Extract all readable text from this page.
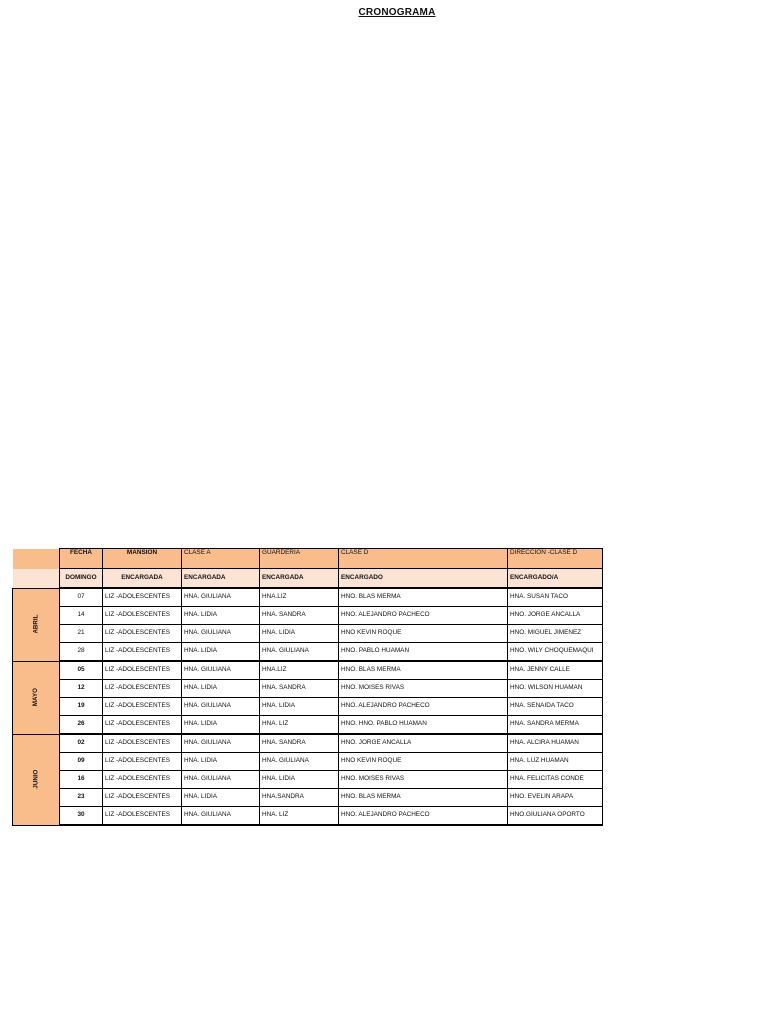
CRONOGRAMA
	FECHA	MANSION	CLASE A	GUARDERIA	CLASE D	DIRECCION -CLASE D
	DOMINGO	ENCARGADA	ENCARGADA	ENCARGADA	ENCARGADO	ENCARGADO/A
ABRIL	07	LIZ -ADOLESCENTES	HNA. GIULIANA	HNA.LIZ	HNO. BLAS MERMA	HNA. SUSAN TACO
	14	LIZ -ADOLESCENTES	HNA. LIDIA	HNA. SANDRA	HNO. ALEJANDRO PACHECO	HNO. JORGE ANCALLA
	21	LIZ -ADOLESCENTES	HNA. GIULIANA	HNA. LIDIA	HNO KEVIN ROQUE	HNO. MIGUEL JIMENEZ
	28	LIZ -ADOLESCENTES	HNA. LIDIA	HNA. GIULIANA	HNO. PABLO HUAMAN	HNO. WILY CHOQUEMAQUI
MAYO	05	LIZ -ADOLESCENTES	HNA. GIULIANA	HNA.LIZ	HNO. BLAS MERMA	HNA. JENNY CALLE
	12	LIZ -ADOLESCENTES	HNA. LIDIA	HNA. SANDRA	HNO. MOISES RIVAS	HNO. WILSON HUAMAN
	19	LIZ -ADOLESCENTES	HNA. GIULIANA	HNA. LIDIA	HNO. ALEJANDRO PACHECO	HNA. SENAIDA TACO
	26	LIZ -ADOLESCENTES	HNA. LIDIA	HNA. LIZ	HNO. HNO. PABLO HUAMAN	HNA. SANDRA MERMA
JUNIO	02	LIZ -ADOLESCENTES	HNA. GIULIANA	HNA. SANDRA	HNO. JORGE ANCALLA	HNA. ALCIRA HUAMAN
	09	LIZ -ADOLESCENTES	HNA. LIDIA	HNA. GIULIANA	HNO KEVIN ROQUE	HNA. LUZ HUAMAN
	16	LIZ -ADOLESCENTES	HNA. GIULIANA	HNA. LIDIA	HNO. MOISES RIVAS	HNA. FELICITAS CONDE
	23	LIZ -ADOLESCENTES	HNA. LIDIA	HNA.SANDRA	HNO. BLAS MERMA	HNO. EVELIN ARAPA
	30	LIZ -ADOLESCENTES	HNA. GIULIANA	HNA. LIZ	HNO. ALEJANDRO PACHECO	HNO.GIULIANA OPORTO
